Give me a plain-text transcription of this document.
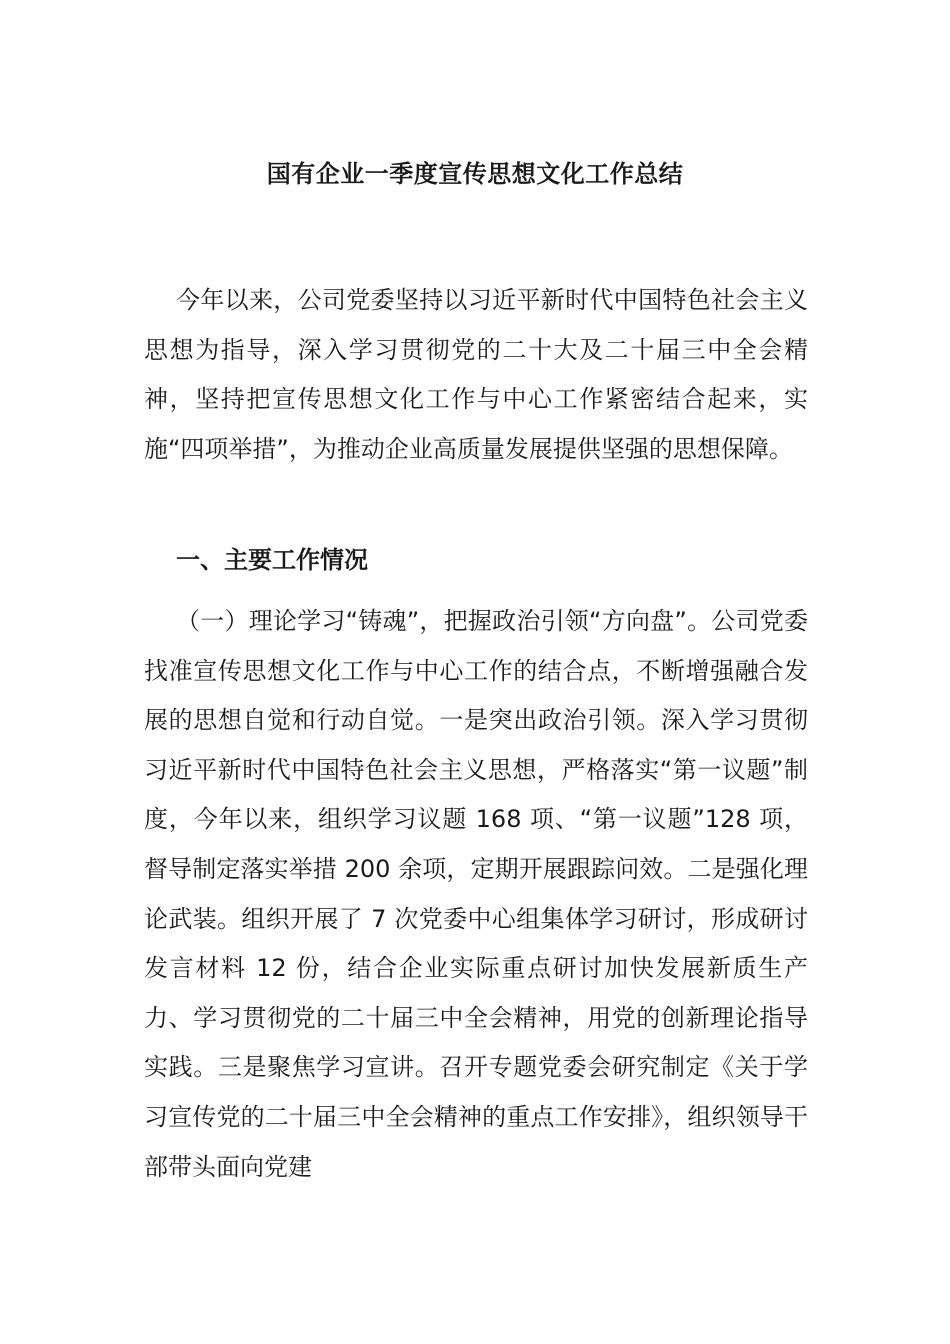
国有企业一季度宣传思想文化工作总结
今年以来，公司党委坚持以习近平新时代中国特色社会主义思想为指导，深入学习贯彻党的二十大及二十届三中全会精神，坚持把宣传思想文化工作与中心工作紧密结合起来，实施“四项举措”，为推动企业高质量发展提供坚强的思想保障。
一、主要工作情况
（一）理论学习“铸魂”，把握政治引领“方向盘”。公司党委找准宣传思想文化工作与中心工作的结合点，不断增强融合发展的思想自觉和行动自觉。一是突出政治引领。深入学习贯彻习近平新时代中国特色社会主义思想，严格落实“第一议题”制度，今年以来，组织学习议题 168 项、“第一议题”128 项，督导制定落实举措 200 余项，定期开展跟踪问效。二是强化理论武装。组织开展了 7 次党委中心组集体学习研讨，形成研讨发言材料 12 份，结合企业实际重点研讨加快发展新质生产力、学习贯彻党的二十届三中全会精神，用党的创新理论指导实践。三是聚焦学习宣讲。召开专题党委会研究制定《关于学习宣传党的二十届三中全会精神的重点工作安排》，组织领导干部带头面向党建
